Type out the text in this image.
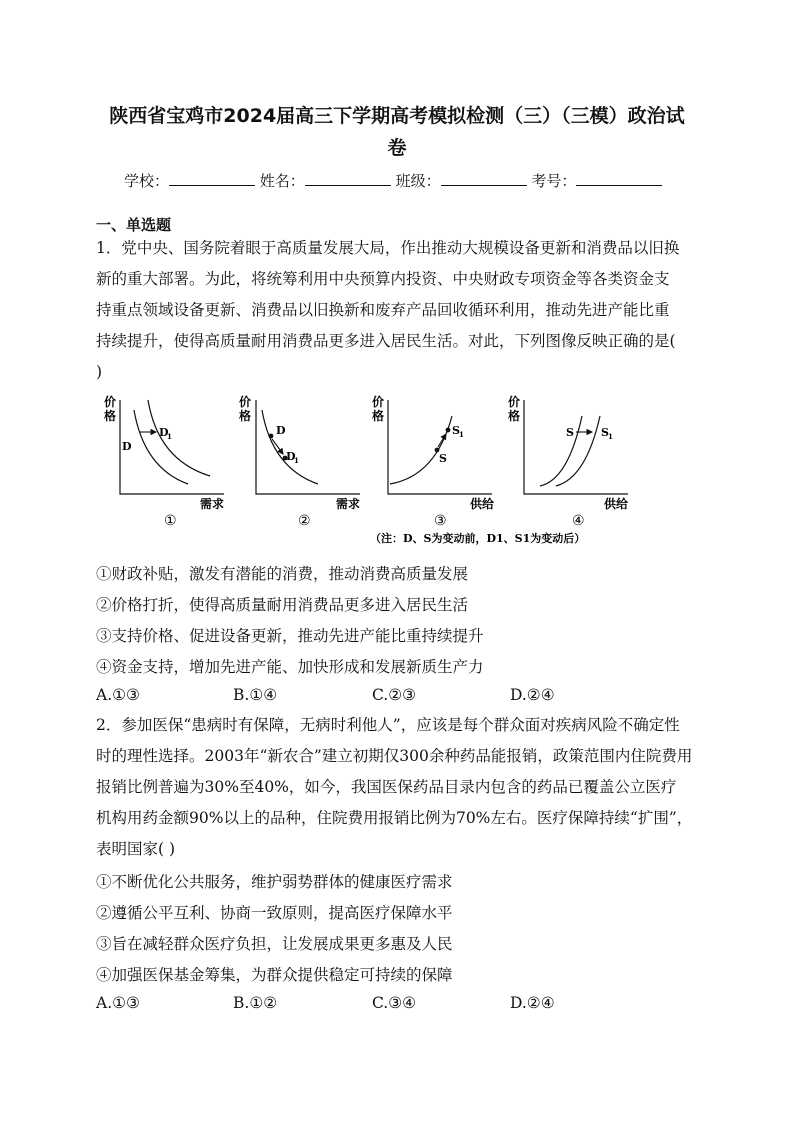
陕西省宝鸡市2024届高三下学期高考模拟检测（三）（三模）政治试
卷
学校：	姓名：	班级：	考号：
一、单选题
1．党中央、国务院着眼于高质量发展大局，作出推动大规模设备更新和消费品以旧换
新的重大部署。为此，将统筹利用中央预算内投资、中央财政专项资金等各类资金支
持重点领域设备更新、消费品以旧换新和废弃产品回收循环利用，推动先进产能比重
持续提升，使得高质量耐用消费品更多进入居民生活。对此，下列图像反映正确的是(
)
价
格
需求
D
D
1
①
价
格
需求
D
D
1
②
价
格
供给
S
S 1
③
价
格
供给
S S 1
④
（注：D、S为变动前，D1、S1为变动后）
①财政补贴，激发有潜能的消费，推动消费高质量发展
②价格打折，使得高质量耐用消费品更多进入居民生活
③支持价格、促进设备更新，推动先进产能比重持续提升
④资金支持，增加先进产能、加快形成和发展新质生产力
A.①③	B.①④	C.②③	D.②④
2．参加医保“患病时有保障，无病时利他人”，应该是每个群众面对疾病风险不确定性
时的理性选择。2003年“新农合”建立初期仅300余种药品能报销，政策范围内住院费用
报销比例普遍为30%至40%，如今，我国医保药品目录内包含的药品已覆盖公立医疗
机构用药金额90%以上的品种，住院费用报销比例为70%左右。医疗保障持续“扩围”，
表明国家( )
①不断优化公共服务，维护弱势群体的健康医疗需求
②遵循公平互利、协商一致原则，提高医疗保障水平
③旨在减轻群众医疗负担，让发展成果更多惠及人民
④加强医保基金筹集，为群众提供稳定可持续的保障
A.①③	B.①②	C.③④	D.②④
